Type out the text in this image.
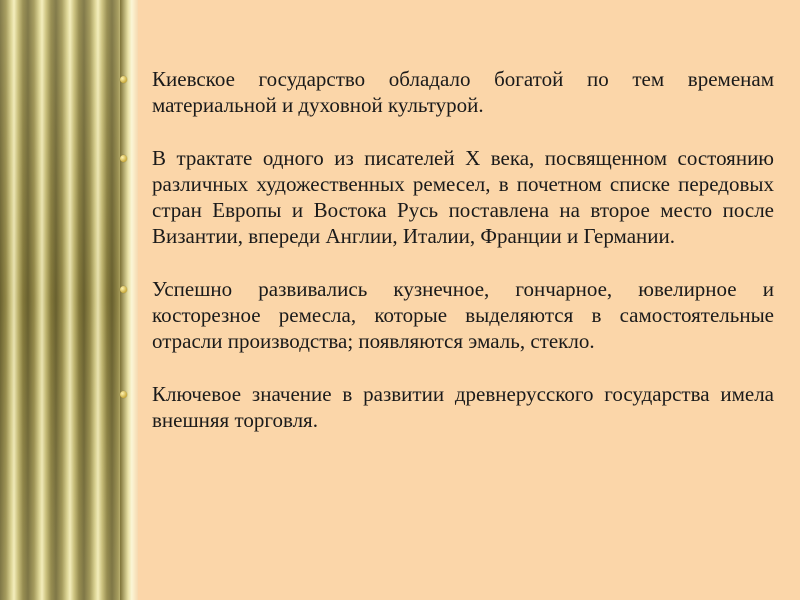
Киевское государство обладало богатой по тем временам материальной и духовной культурой.
В трактате одного из писателей Х века, посвященном состоянию различных художественных ремесел, в почетном списке передовых стран Европы и Востока Русь поставлена на второе место после Византии, впереди Англии, Италии, Франции и Германии.
Успешно развивались кузнечное, гончарное, ювелирное и косторезное ремесла, которые выделяются в самостоятельные отрасли производства; появляются эмаль, стекло.
Ключевое значение в развитии древнерусского государства имела внешняя торговля.
